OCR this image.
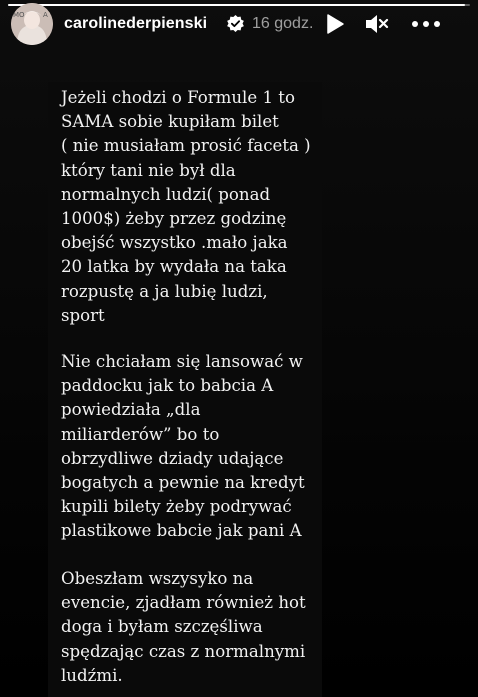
MO	A carolinederpienski	16 godz.
Jeżeli chodzi o Formule 1 to
SAMA sobie kupiłam bilet
( nie musiałam prosić faceta )
który tani nie był dla
normalnych ludzi( ponad
1000$) żeby przez godzinę
obejść wszystko .mało jaka
20 latka by wydała na taka
rozpustę a ja lubię ludzi,
sport
Nie chciałam się lansować w
paddocku jak to babcia A
powiedziała „dla
miliarderów” bo to
obrzydliwe dziady udające
bogatych a pewnie na kredyt
kupili bilety żeby podrywać
plastikowe babcie jak pani A
Obeszłam wszysyko na
evencie, zjadłam również hot
doga i byłam szczęśliwa
spędzając czas z normalnymi
ludźmi.
